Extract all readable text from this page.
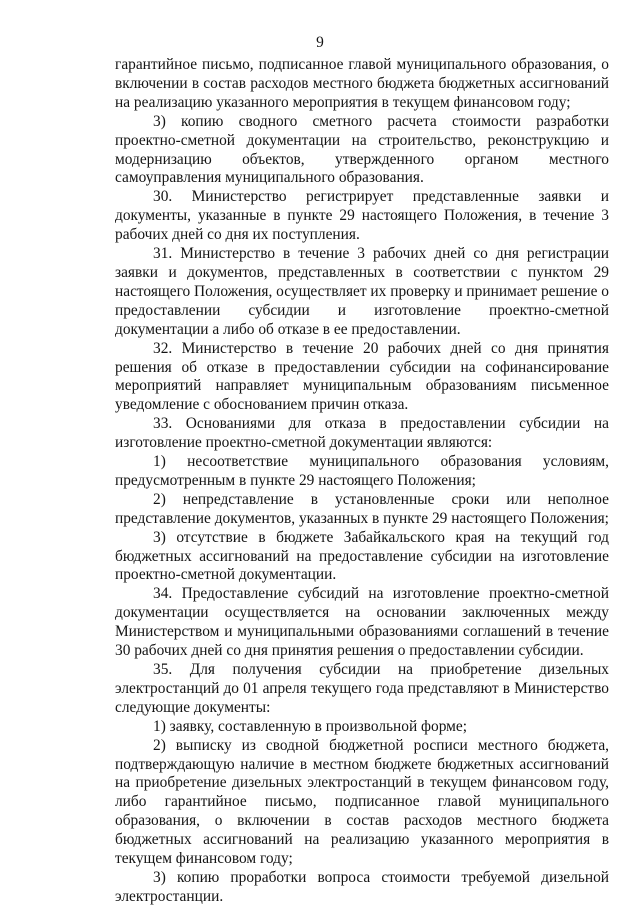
9

гарантийное письмо, подписанное главой муниципального образования, о включении в состав расходов местного бюджета бюджетных ассигнований на реализацию указанного мероприятия в текущем финансовом году;

3) копию сводного сметного расчета стоимости разработки проектно-сметной документации на строительство, реконструкцию и модернизацию объектов, утвержденного органом местного самоуправления муниципального образования.

30. Министерство регистрирует представленные заявки и документы, указанные в пункте 29 настоящего Положения, в течение 3 рабочих дней со дня их поступления.

31. Министерство в течение 3 рабочих дней со дня регистрации заявки и документов, представленных в соответствии с пунктом 29 настоящего Положения, осуществляет их проверку и принимает решение о предоставлении субсидии и изготовление проектно-сметной документации а либо об отказе в ее предоставлении.

32. Министерство в течение 20 рабочих дней со дня принятия решения об отказе в предоставлении субсидии на софинансирование мероприятий направляет муниципальным образованиям письменное уведомление с обоснованием причин отказа.

33. Основаниями для отказа в предоставлении субсидии на изготовление проектно-сметной документации являются:

1) несоответствие муниципального образования условиям, предусмотренным в пункте 29 настоящего Положения;

2) непредставление в установленные сроки или неполное представление документов, указанных в пункте 29 настоящего Положения;

3) отсутствие в бюджете Забайкальского края на текущий год бюджетных ассигнований на предоставление субсидии на изготовление проектно-сметной документации.

34. Предоставление субсидий на изготовление проектно-сметной документации осуществляется на основании заключенных между Министерством и муниципальными образованиями соглашений в течение 30 рабочих дней со дня принятия решения о предоставлении субсидии.

35. Для получения субсидии на приобретение дизельных электростанций до 01 апреля текущего года представляют в Министерство следующие документы:

1) заявку, составленную в произвольной форме;

2) выписку из сводной бюджетной росписи местного бюджета, подтверждающую наличие в местном бюджете бюджетных ассигнований на приобретение дизельных электростанций в текущем финансовом году, либо гарантийное письмо, подписанное главой муниципального образования, о включении в состав расходов местного бюджета бюджетных ассигнований на реализацию указанного мероприятия в текущем финансовом году;

3) копию проработки вопроса стоимости требуемой дизельной электростанции.
